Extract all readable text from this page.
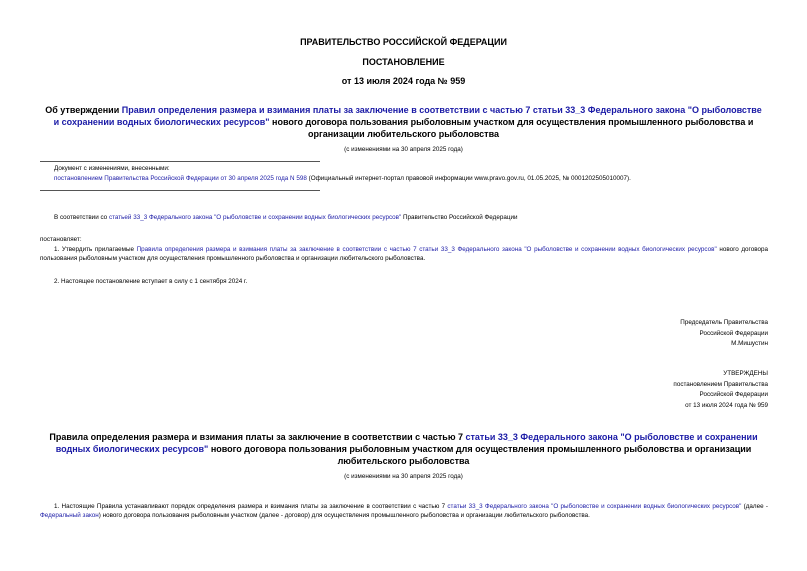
ПРАВИТЕЛЬСТВО РОССИЙСКОЙ ФЕДЕРАЦИИ
ПОСТАНОВЛЕНИЕ
от 13 июля 2024 года № 959
Об утверждении Правил определения размера и взимания платы за заключение в соответствии с частью 7 статьи 33_3 Федерального закона "О рыболовстве и сохранении водных биологических ресурсов" нового договора пользования рыболовным участком для осуществления промышленного рыболовства и организации любительского рыболовства
(с изменениями на 30 апреля 2025 года)
Документ с изменениями, внесенными:
постановлением Правительства Российской Федерации от 30 апреля 2025 года N 598 (Официальный интернет-портал правовой информации www.pravo.gov.ru, 01.05.2025, № 0001202505010007).
В соответствии со статьей 33_3 Федерального закона "О рыболовстве и сохранении водных биологических ресурсов" Правительство Российской Федерации
постановляет:
1. Утвердить прилагаемые Правила определения размера и взимания платы за заключение в соответствии с частью 7 статьи 33_3 Федерального закона "О рыболовстве и сохранении водных биологических ресурсов" нового договора пользования рыболовным участком для осуществления промышленного рыболовства и организации любительского рыболовства.
2. Настоящее постановление вступает в силу с 1 сентября 2024 г.
Председатель Правительства
Российской Федерации
М.Мишустин
УТВЕРЖДЕНЫ
постановлением Правительства
Российской Федерации
от 13 июля 2024 года № 959
Правила определения размера и взимания платы за заключение в соответствии с частью 7 статьи 33_3 Федерального закона "О рыболовстве и сохранении водных биологических ресурсов" нового договора пользования рыболовным участком для осуществления промышленного рыболовства и организации любительского рыболовства
(с изменениями на 30 апреля 2025 года)
1. Настоящие Правила устанавливают порядок определения размера и взимания платы за заключение в соответствии с частью 7 статьи 33_3 Федерального закона "О рыболовстве и сохранении водных биологических ресурсов" (далее - Федеральный закон) нового договора пользования рыболовным участком (далее - договор) для осуществления промышленного рыболовства и организации любительского рыболовства.
